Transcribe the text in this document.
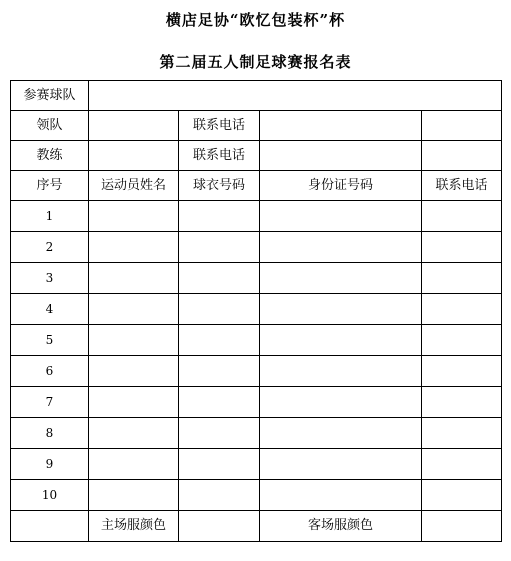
横店足协“欧忆包装杯”杯
第二届五人制足球赛报名表
参赛球队				
领队		联系电话		
教练		联系电话		
序号	运动员姓名	球衣号码	身份证号码	联系电话
1				
2				
3				
4				
5				
6				
7				
8				
9				
10				
	主场服颜色		客场服颜色	
